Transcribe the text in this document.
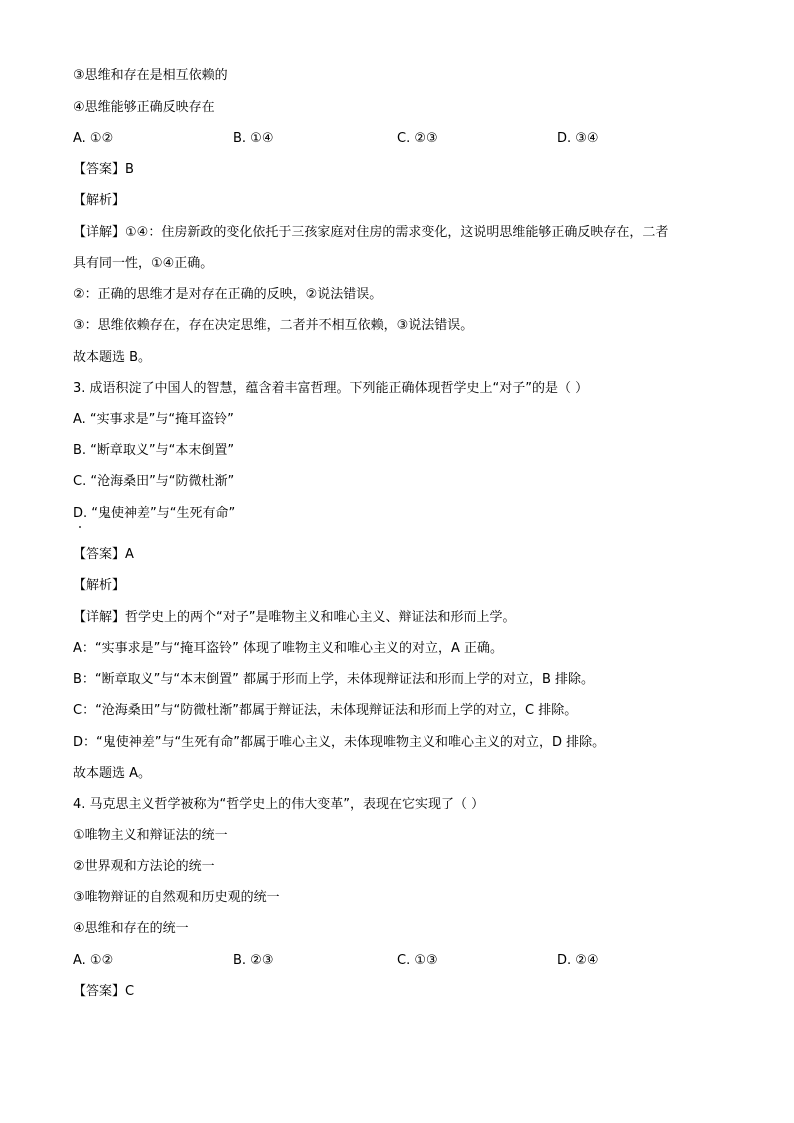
③思维和存在是相互依赖的
④思维能够正确反映存在
A. ①②	B. ①④	C. ②③	D. ③④
【答案】B
【解析】
【详解】①④：住房新政的变化依托于三孩家庭对住房的需求变化，这说明思维能够正确反映存在，二者
具有同一性，①④正确。
②：正确的思维才是对存在正确的反映，②说法错误。
③：思维依赖存在，存在决定思维，二者并不相互依赖，③说法错误。
故本题选 B。
3. 成语积淀了中国人的智慧，蕴含着丰富哲理。下列能正确体现哲学史上“对子”的是（ ）
A. “实事求是”与“掩耳盗铃”
B. “断章取义”与“本末倒置”
C. “沧海桑田”与“防微杜渐”
D. “鬼使神差”与“生死有命”
【答案】A
【解析】
【详解】哲学史上的两个“对子”是唯物主义和唯心主义、辩证法和形而上学。
A：“实事求是”与“掩耳盗铃” 体现了唯物主义和唯心主义的对立，A 正确。
B：“断章取义”与“本末倒置” 都属于形而上学，未体现辩证法和形而上学的对立，B 排除。
C：“沧海桑田”与“防微杜渐”都属于辩证法，未体现辩证法和形而上学的对立，C 排除。
D：“鬼使神差”与“生死有命”都属于唯心主义，未体现唯物主义和唯心主义的对立，D 排除。
故本题选 A。
4. 马克思主义哲学被称为“哲学史上的伟大变革”，表现在它实现了（ ）
①唯物主义和辩证法的统一
②世界观和方法论的统一
③唯物辩证的自然观和历史观的统一
④思维和存在的统一
A. ①②	B. ②③	C. ①③	D. ②④
【答案】C
